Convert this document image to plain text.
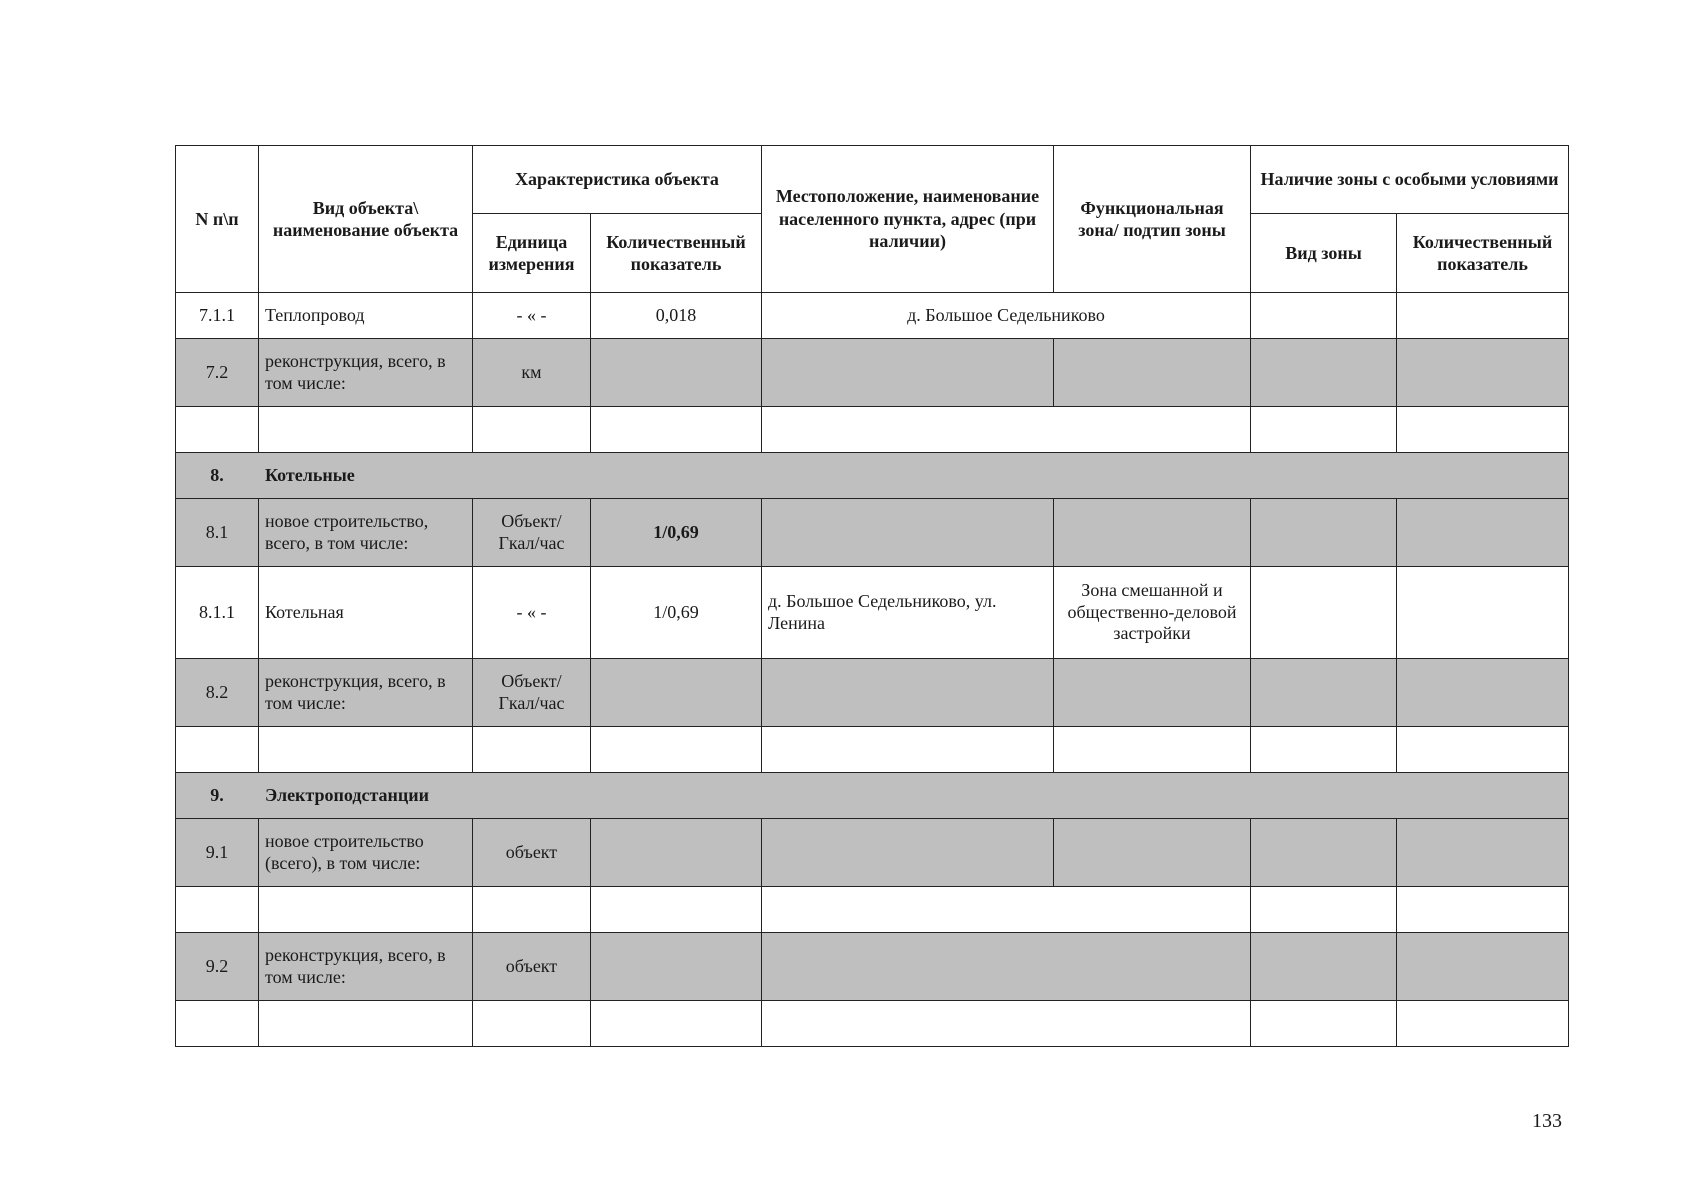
N п\п	Вид объекта\ наименование объекта	Характеристика объекта		Местоположение, наименование населенного пункта, адрес (при наличии)	Функциональная зона/ подтип зоны	Наличие зоны с особыми условиями	
		Единица измерения	Количественный показатель			Вид зоны	Количественный показатель
7.1.1	Теплопровод	- « -	0,018	д. Большое Седельниково			
7.2	реконструкция, всего, в том числе:	км					

8.	Котельные						
8.1	новое строительство, всего, в том числе:	Объект/ Гкал/час	1/0,69				
8.1.1	Котельная	- « -	1/0,69	д. Большое Седельниково, ул. Ленина	Зона смешанной и общественно-деловой застройки		
8.2	реконструкция, всего, в том числе:	Объект/ Гкал/час					

9.	Электроподстанции						
9.1	новое строительство (всего), в том числе:	объект					

9.2	реконструкция, всего, в том числе:	объект					

133
